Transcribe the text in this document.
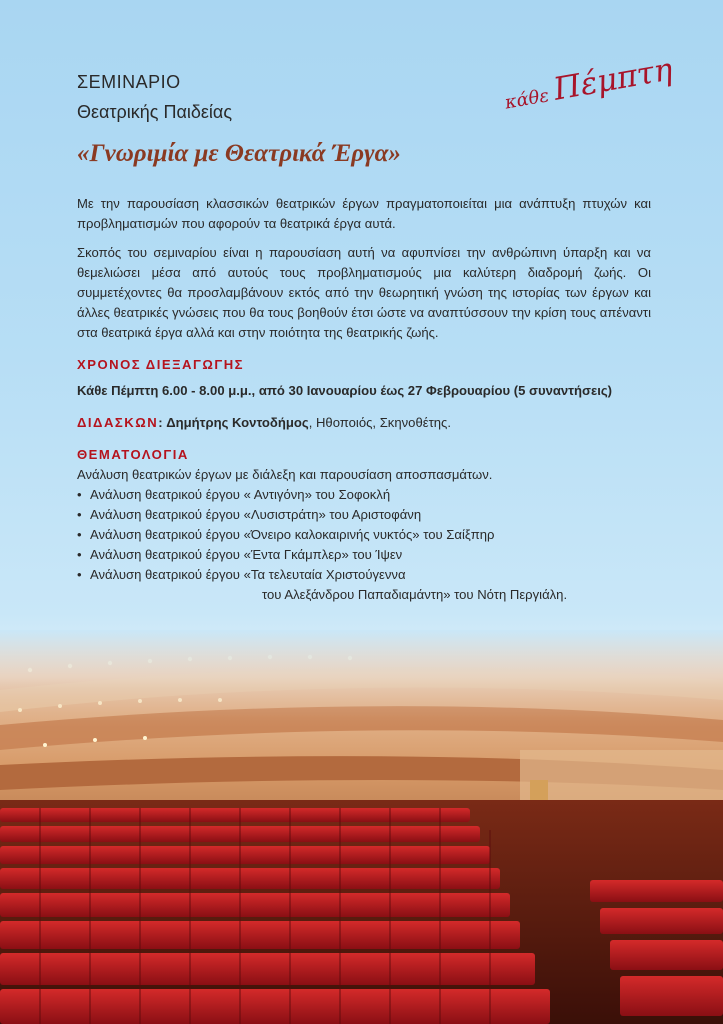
ΣΕΜΙΝΑΡΙΟ

Θεατρικής Παιδείας	κάθεΠέμπτη
«Γνωριμία με Θεατρικά Έργα»

Με την παρουσίαση κλασσικών θεατρικών έργων πραγματοποιείται μια ανάπτυξη πτυχών και προβληματισμών που αφορούν τα θεατρικά έργα αυτά.

Σκοπός του σεμιναρίου είναι η παρουσίαση αυτή να αφυπνίσει την ανθρώπινη ύπαρξη και να θεμελιώσει μέσα από αυτούς τους προβληματισμούς μια καλύτερη διαδρομή ζωής. Οι συμμετέχοντες θα προσλαμβάνουν εκτός από την θεωρητική γνώση της ιστορίας των έργων και άλλες θεατρικές γνώσεις που θα τους βοηθούν έτσι ώστε να αναπτύσσουν την κρίση τους απέναντι στα θεατρικά έργα αλλά και στην ποιότητα της θεατρικής ζωής.

ΧΡΟΝΟΣ ΔΙΕΞΑΓΩΓΗΣ
Κάθε Πέμπτη 6.00 - 8.00 μ.μ., από 30 Ιανουαρίου έως 27 Φεβρουαρίου (5 συναντήσεις)
ΔΙΔΑΣΚΩΝ: Δημήτρης Κοντοδήμος, Ηθοποιός, Σκηνοθέτης.
ΘΕΜΑΤΟΛΟΓΙΑ
Ανάλυση θεατρικών έργων με διάλεξη και παρουσίαση αποσπασμάτων.
• Ανάλυση θεατρικού έργου « Αντιγόνη» του Σοφοκλή
• Ανάλυση θεατρικού έργου «Λυσιστράτη» του Αριστοφάνη
• Ανάλυση θεατρικού έργου «Όνειρο καλοκαιρινής νυκτός» του Σαίξπηρ
• Ανάλυση θεατρικού έργου «Έντα Γκάμπλερ» του Ίψεν
• Ανάλυση θεατρικού έργου «Τα τελευταία Χριστούγεννα
του Αλεξάνδρου Παπαδιαμάντη» του Νότη Περγιάλη.
